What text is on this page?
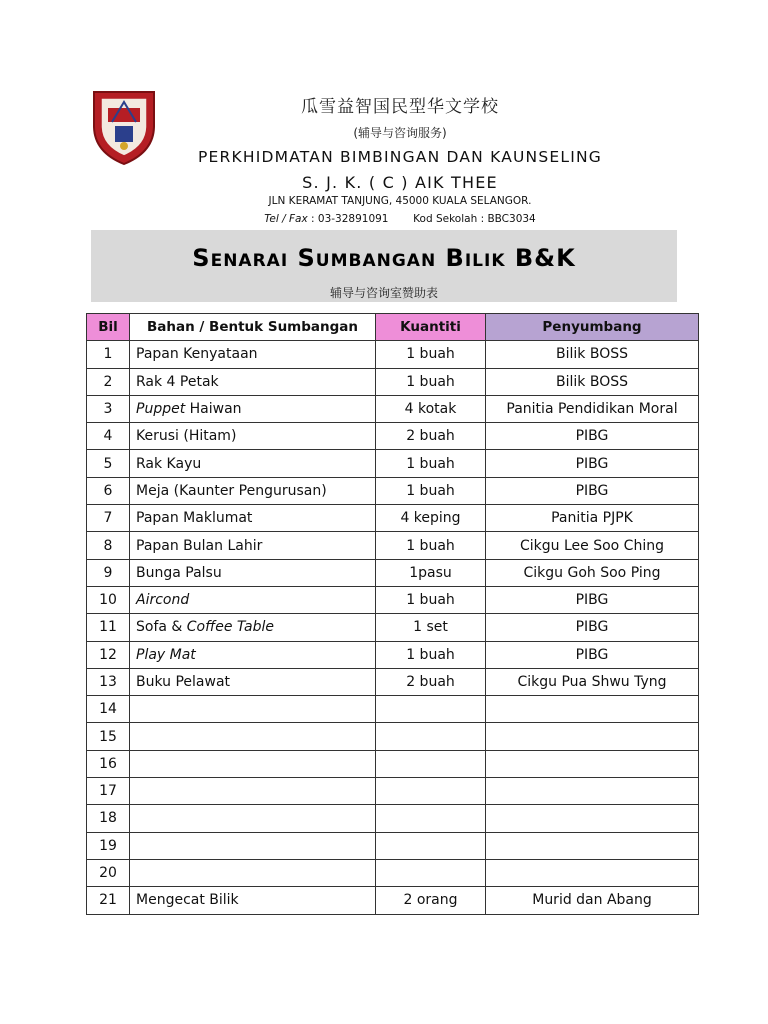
瓜雪益智国民型华文学校
(辅导与咨询服务)
PERKHIDMATAN BIMBINGAN DAN KAUNSELING
S. J. K. ( C ) AIK THEE
JLN KERAMAT TANJUNG, 45000 KUALA SELANGOR.
Tel / Fax : 03-32891091 Kod Sekolah : BBC3034
Senarai Sumbangan Bilik B&K
辅导与咨询室赞助表
Bil	Bahan / Bentuk Sumbangan	Kuantiti	Penyumbang
1	Papan Kenyataan	1 buah	Bilik BOSS
2	Rak 4 Petak	1 buah	Bilik BOSS
3	Puppet Haiwan	4 kotak	Panitia Pendidikan Moral
4	Kerusi (Hitam)	2 buah	PIBG
5	Rak Kayu	1 buah	PIBG
6	Meja (Kaunter Pengurusan)	1 buah	PIBG
7	Papan Maklumat	4 keping	Panitia PJPK
8	Papan Bulan Lahir	1 buah	Cikgu Lee Soo Ching
9	Bunga Palsu	1pasu	Cikgu Goh Soo Ping
10	Aircond	1 buah	PIBG
11	Sofa & Coffee Table	1 set	PIBG
12	Play Mat	1 buah	PIBG
13	Buku Pelawat	2 buah	Cikgu Pua Shwu Tyng
14			
15			
16			
17			
18			
19			
20			
21	Mengecat Bilik	2 orang	Murid dan Abang
